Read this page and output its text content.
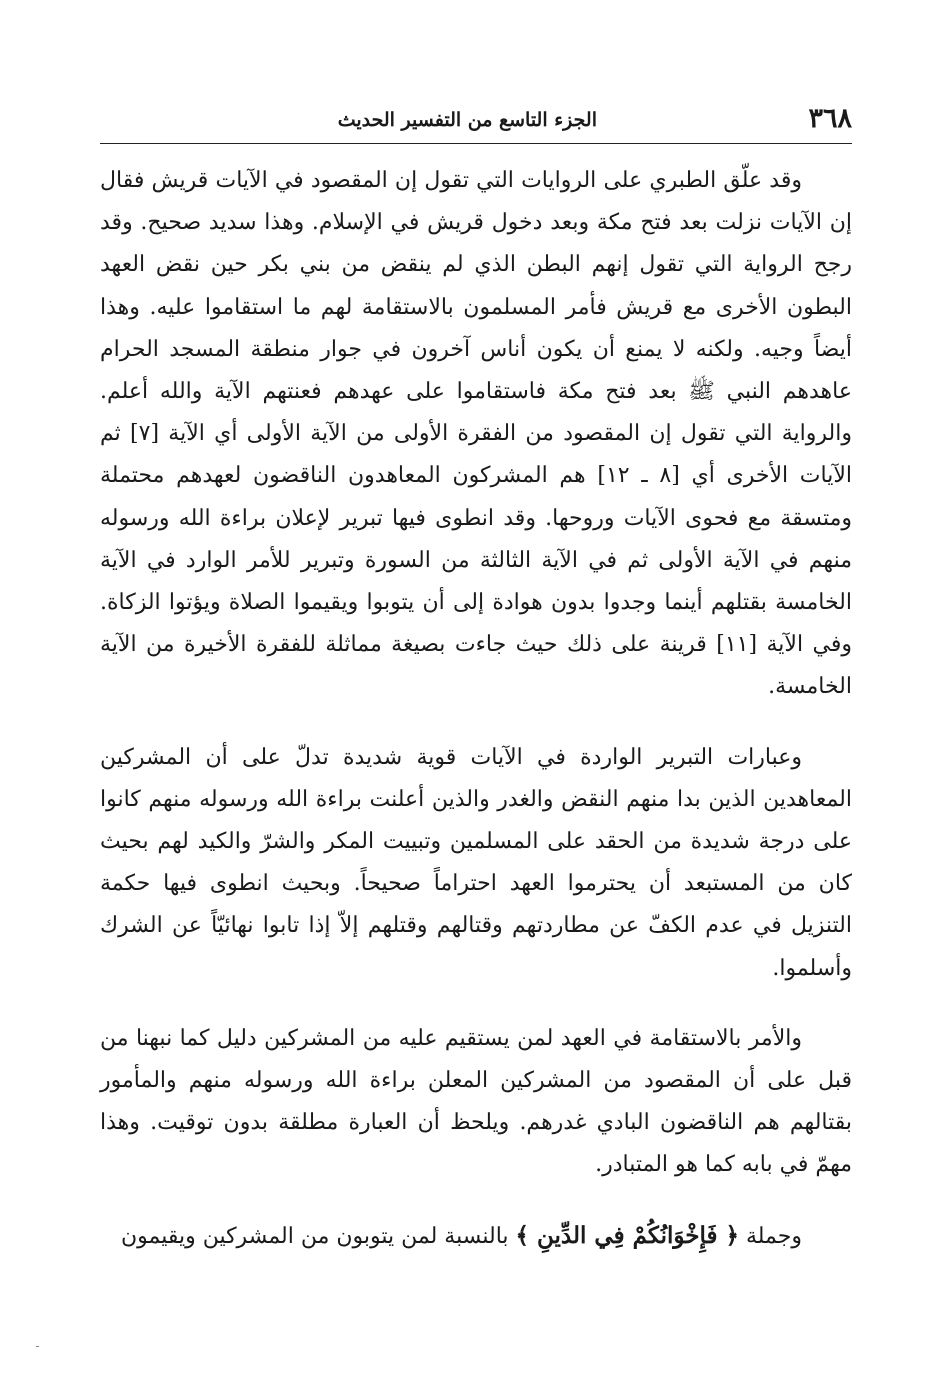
٣٦٨
الجزء التاسع من التفسير الحديث

وقد علّق الطبري على الروايات التي تقول إن المقصود في الآيات قريش فقال إن الآيات نزلت بعد فتح مكة وبعد دخول قريش في الإسلام. وهذا سديد صحيح. وقد رجح الرواية التي تقول إنهم البطن الذي لم ينقض من بني بكر حين نقض العهد البطون الأخرى مع قريش فأمر المسلمون بالاستقامة لهم ما استقاموا عليه. وهذا أيضاً وجيه. ولكنه لا يمنع أن يكون أناس آخرون في جوار منطقة المسجد الحرام عاهدهم النبي ﷺ بعد فتح مكة فاستقاموا على عهدهم فعنتهم الآية والله أعلم. والرواية التي تقول إن المقصود من الفقرة الأولى من الآية الأولى أي الآية [٧] ثم الآيات الأخرى أي [٨ ـ ١٢] هم المشركون المعاهدون الناقضون لعهدهم محتملة ومتسقة مع فحوى الآيات وروحها. وقد انطوى فيها تبرير لإعلان براءة الله ورسوله منهم في الآية الأولى ثم في الآية الثالثة من السورة وتبرير للأمر الوارد في الآية الخامسة بقتلهم أينما وجدوا بدون هوادة إلى أن يتوبوا ويقيموا الصلاة ويؤتوا الزكاة. وفي الآية [١١] قرينة على ذلك حيث جاءت بصيغة مماثلة للفقرة الأخيرة من الآية الخامسة.

وعبارات التبرير الواردة في الآيات قوية شديدة تدلّ على أن المشركين المعاهدين الذين بدا منهم النقض والغدر والذين أعلنت براءة الله ورسوله منهم كانوا على درجة شديدة من الحقد على المسلمين وتبييت المكر والشرّ والكيد لهم بحيث كان من المستبعد أن يحترموا العهد احتراماً صحيحاً. وبحيث انطوى فيها حكمة التنزيل في عدم الكفّ عن مطاردتهم وقتالهم وقتلهم إلاّ إذا تابوا نهائيّاً عن الشرك وأسلموا.

والأمر بالاستقامة في العهد لمن يستقيم عليه من المشركين دليل كما نبهنا من قبل على أن المقصود من المشركين المعلن براءة الله ورسوله منهم والمأمور بقتالهم هم الناقضون البادي غدرهم. ويلحظ أن العبارة مطلقة بدون توقيت. وهذا مهمّ في بابه كما هو المتبادر.

وجملة ﴿ فَإِخْوَانُكُمْ فِي الدِّينِ ﴾ بالنسبة لمن يتوبون من المشركين ويقيمون
